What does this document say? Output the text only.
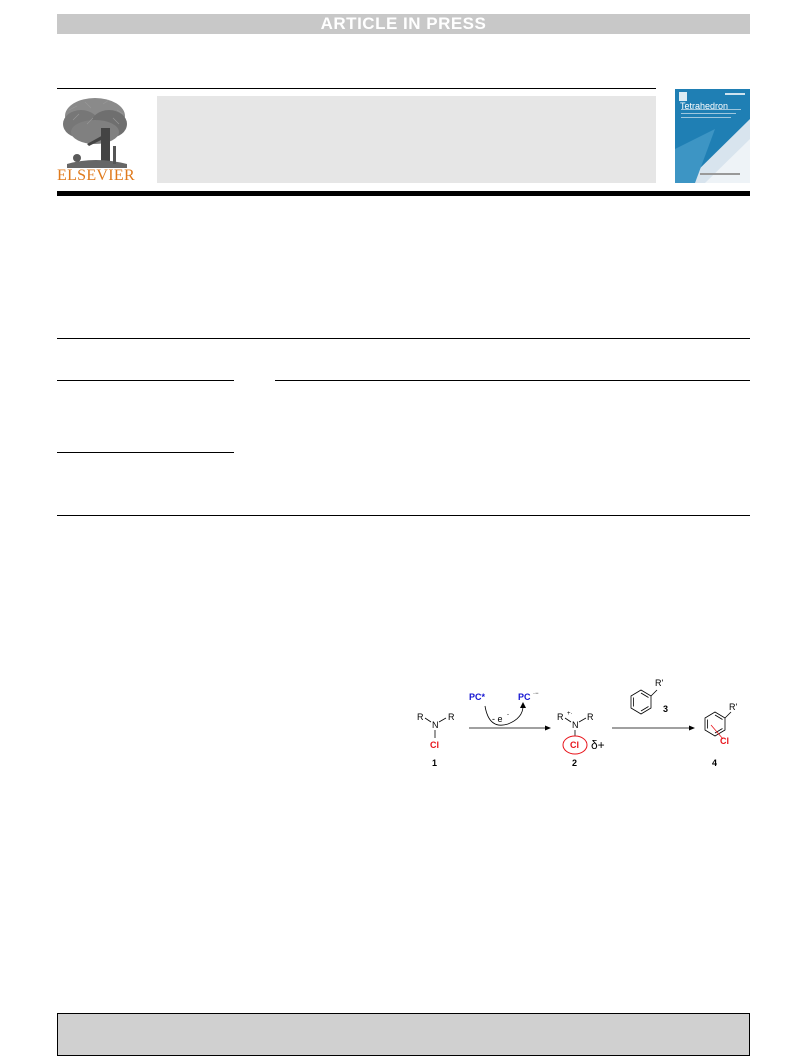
ARTICLE IN PRESS
ELSEVIER
Tetrahedron
R
N
R
Cl
1
PC*	PC ·−
- e -	R +·
N
R
Cl δ+
2
R'
3	R'
Cl
4
